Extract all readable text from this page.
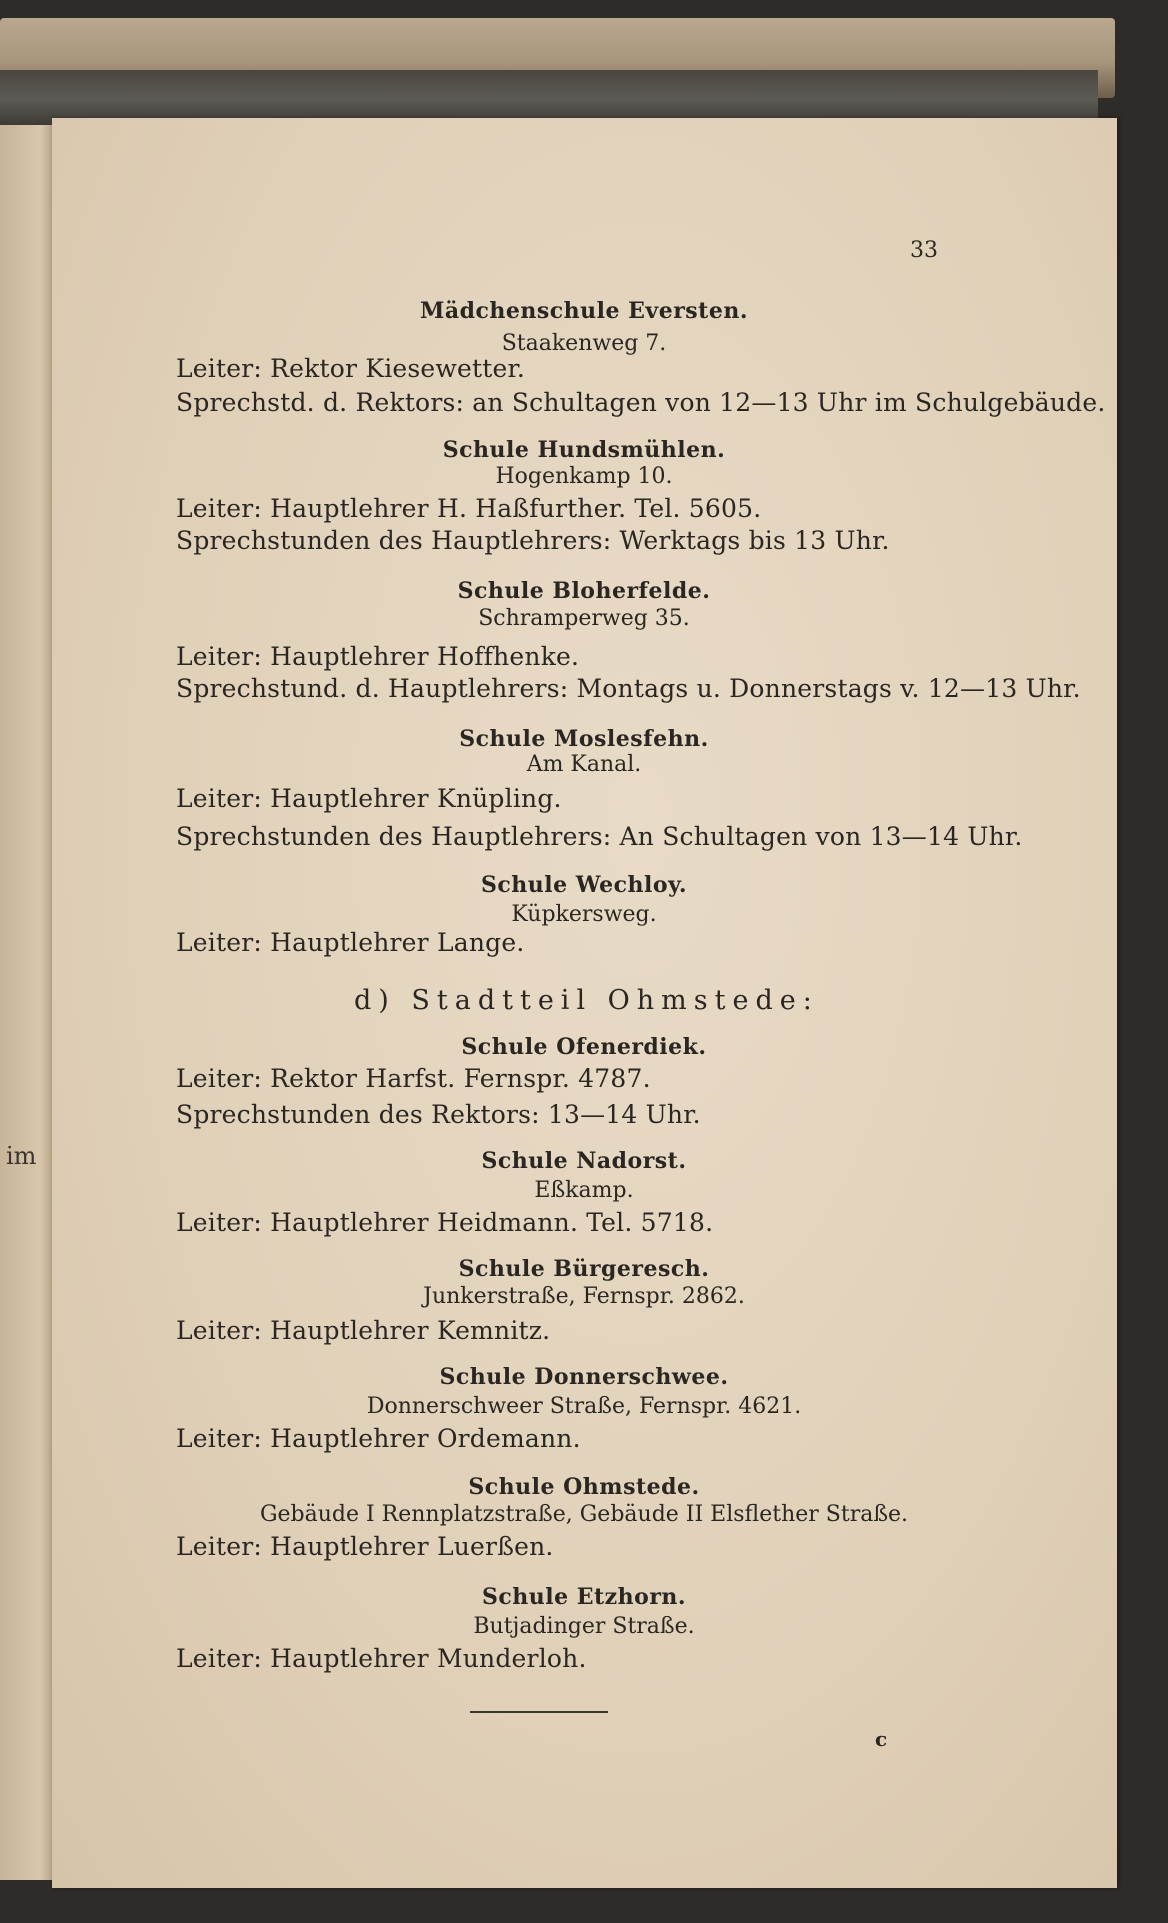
im
33
Mädchenschule Eversten.
Staakenweg 7.
Leiter: Rektor Kiesewetter.
Sprechstd. d. Rektors: an Schultagen von 12—13 Uhr im Schulgebäude.
Schule Hundsmühlen.
Hogenkamp 10.
Leiter: Hauptlehrer H. Haßfurther. Tel. 5605.
Sprechstunden des Hauptlehrers: Werktags bis 13 Uhr.
Schule Bloherfelde.
Schramperweg 35.
Leiter: Hauptlehrer Hoffhenke.
Sprechstund. d. Hauptlehrers: Montags u. Donnerstags v. 12—13 Uhr.
Schule Moslesfehn.
Am Kanal.
Leiter: Hauptlehrer Knüpling.
Sprechstunden des Hauptlehrers: An Schultagen von 13—14 Uhr.
Schule Wechloy.
Küpkersweg.
Leiter: Hauptlehrer Lange.
d) Stadtteil Ohmstede:
Schule Ofenerdiek.
Leiter: Rektor Harfst. Fernspr. 4787.
Sprechstunden des Rektors: 13—14 Uhr.
Schule Nadorst.
Eßkamp.
Leiter: Hauptlehrer Heidmann. Tel. 5718.
Schule Bürgeresch.
Junkerstraße, Fernspr. 2862.
Leiter: Hauptlehrer Kemnitz.
Schule Donnerschwee.
Donnerschweer Straße, Fernspr. 4621.
Leiter: Hauptlehrer Ordemann.
Schule Ohmstede.
Gebäude I Rennplatzstraße, Gebäude II Elsflether Straße.
Leiter: Hauptlehrer Luerßen.
Schule Etzhorn.
Butjadinger Straße.
Leiter: Hauptlehrer Munderloh.
c
